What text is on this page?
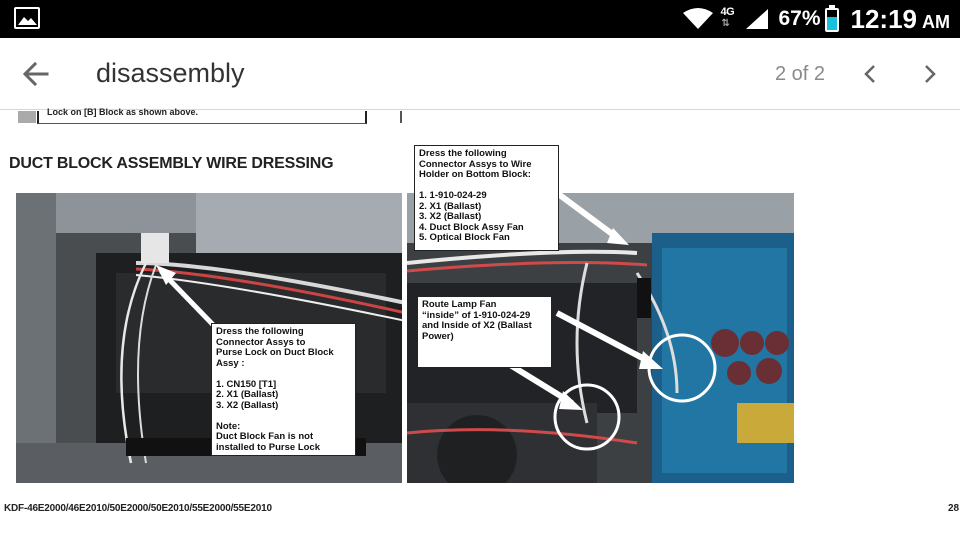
4G
⇅ 67% 12:19 AM
disassembly	2 of 2
Lock on [B] Block as shown above.
DUCT BLOCK ASSEMBLY WIRE DRESSING
Dress the following
Connector Assys to
Purse Lock on Duct Block
Assy :

1. CN150 [T1]
2. X1 (Ballast)
3. X2 (Ballast)

Note:
Duct Block Fan is not
installed to Purse Lock
Dress the following
Connector Assys to Wire
Holder on Bottom Block:

1. 1-910-024-29
2. X1 (Ballast)
3. X2 (Ballast)
4. Duct Block Assy Fan
5. Optical Block Fan
Route Lamp Fan
“inside” of 1-910-024-29
and Inside of X2 (Ballast
Power)
KDF-46E2000/46E2010/50E2000/50E2010/55E2000/55E2010	28
